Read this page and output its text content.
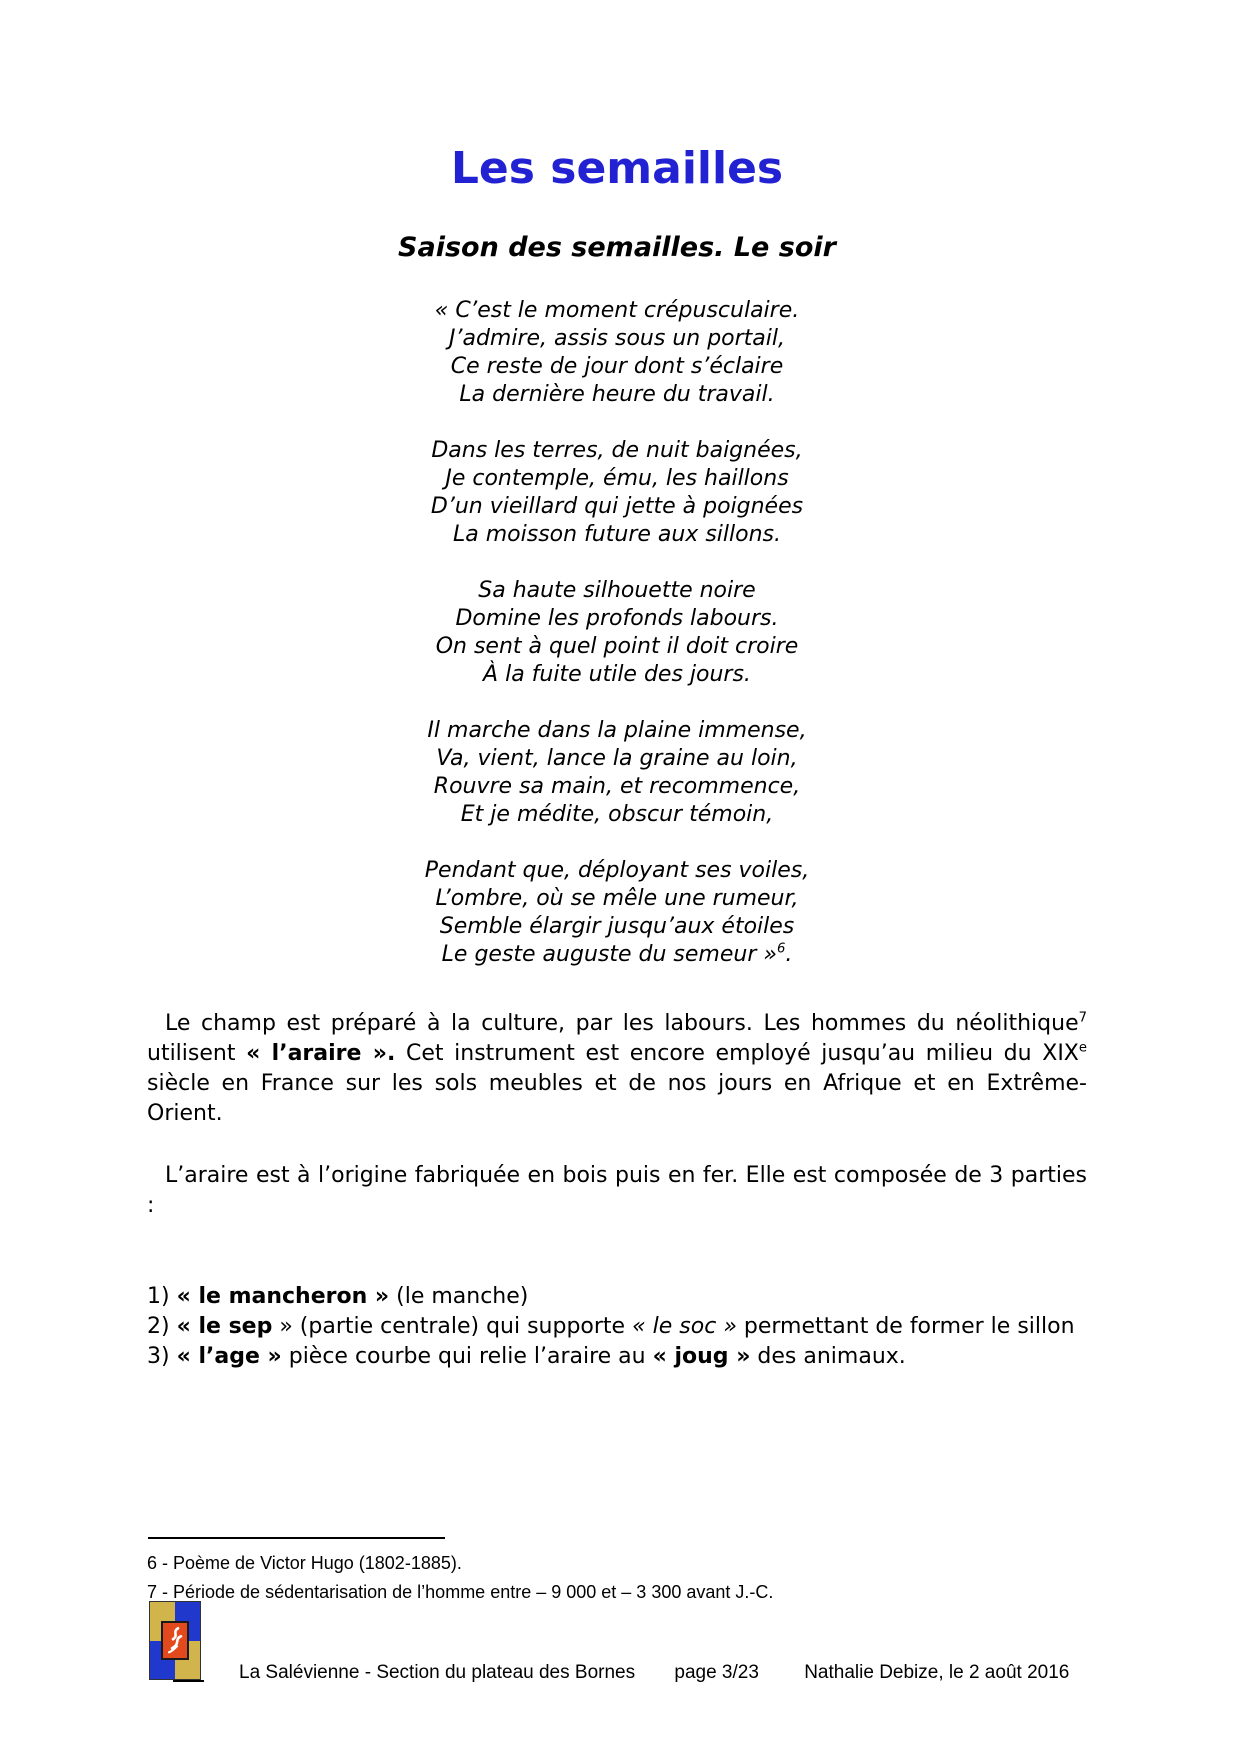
Les semailles
Saison des semailles. Le soir
« C’est le moment crépusculaire.
J’admire, assis sous un portail,
Ce reste de jour dont s’éclaire
La dernière heure du travail.
Dans les terres, de nuit baignées,
Je contemple, ému, les haillons
D’un vieillard qui jette à poignées
La moisson future aux sillons.
Sa haute silhouette noire
Domine les profonds labours.
On sent à quel point il doit croire
À la fuite utile des jours.
Il marche dans la plaine immense,
Va, vient, lance la graine au loin,
Rouvre sa main, et recommence,
Et je médite, obscur témoin,
Pendant que, déployant ses voiles,
L’ombre, où se mêle une rumeur,
Semble élargir jusqu’aux étoiles
Le geste auguste du semeur »$^6$.
Le champ est préparé à la culture, par les labours. Les hommes du néolithique$^7$ utilisent « l’araire ». Cet instrument est encore employé jusqu’au milieu du XIXe siècle en France sur les sols meubles et de nos jours en Afrique et en Extrême-Orient.
L’araire est à l’origine fabriquée en bois puis en fer. Elle est composée de 3 parties :
1) « le mancheron » (le manche)
2) « le sep » (partie centrale) qui supporte « le soc » permettant de former le sillon
3) « l’age » pièce courbe qui relie l’araire au « joug » des animaux.
6 - Poème de Victor Hugo (1802-1885).
7 - Période de sédentarisation de l’homme entre – 9 000 et – 3 300 avant J.-C.
La Salévienne - Section du plateau des Bornes page 3/23 Nathalie Debize, le 2 août 2016
